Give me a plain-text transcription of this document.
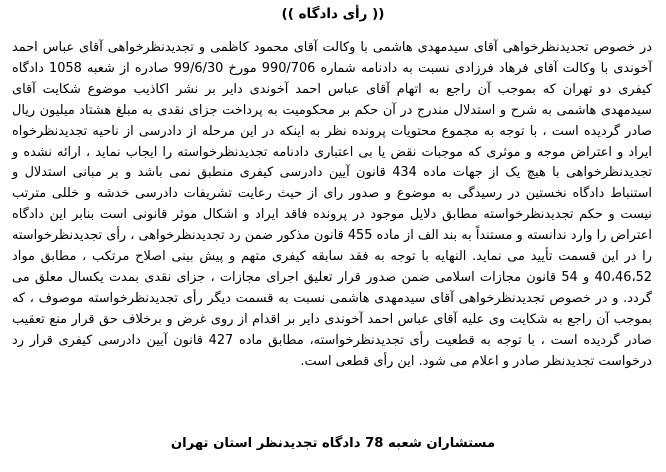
(( رأی دادگاه ))

در خصوص تجدیدنظرخواهی آقای سیدمهدی هاشمی با وکالت آقای محمود کاظمی و تجدیدنظرخواهی آقای عباس احمد آخوندی با وکالت آقای فرهاد فرزادی نسبت به دادنامه شماره 990/706 مورخ 99/6/30 صادره از شعبه 1058 دادگاه کیفری دو تهران که بموجب آن راجع به اتهام آقای عباس احمد آخوندی دایر بر نشر اکاذیب موضوع شکایت آقای سیدمهدی هاشمی به شرح و استدلال مندرج در آن حکم بر محکومیت به پرداخت جزای نقدی به مبلغ هشتاد میلیون ریال صادر گردیده است ، با توجه به مجموع محتویات پرونده نظر به اینکه در این مرحله از دادرسی از ناحیه تجدیدنظرخواه ایراد و اعتراض موجه و موثری که موجبات نقض یا بی اعتباری دادنامه تجدیدنظرخواسته را ایجاب نماید ، ارائه نشده و تجدیدنظرخواهی با هیچ یک از جهات ماده 434 قانون آیین دادرسی کیفری منطبق نمی باشد و بر مبانی استدلال و استنباط دادگاه نخستین در رسیدگی به موضوع و صدور رای از حیث رعایت تشریفات دادرسی خدشه و خللی مترتب نیست و حکم تجدیدنظرخواسته مطابق دلایل موجود در پرونده فاقد ایراد و اشکال موثر قانونی است بنابر این دادگاه اعتراض را وارد ندانسته و مستنداً به بند الف از ماده 455 قانون مذکور ضمن رد تجدیدنظرخواهی ، رأی تجدیدنظرخواسته را در این قسمت تأیید می نماید. النهایه با توجه به فقد سابقه کیفری متهم و پیش بینی اصلاح مرتکب ، مطابق مواد 40،46،52 و 54 قانون مجازات اسلامی ضمن صدور قرار تعلیق اجرای مجازات ، جزای نقدی بمدت یکسال معلق می گردد. و در خصوص تجدیدنظرخواهی آقای سیدمهدی هاشمی نسبت به قسمت دیگر رأی تجدیدنظرخواسته موصوف ، که بموجب آن راجع به شکایت وی علیه آقای عباس احمد آخوندی دایر بر اقدام از روی غرض و برخلاف حق قرار منع تعقیب صادر گردیده است ، با توجه به قطعیت رأی تجدیدنظرخواسته، مطابق ماده 427 قانون آیین دادرسی کیفری قرار رد درخواست تجدیدنظر صادر و اعلام می شود. این رأی قطعی است.

مستشاران شعبه 78 دادگاه تجدیدنظر استان تهران
